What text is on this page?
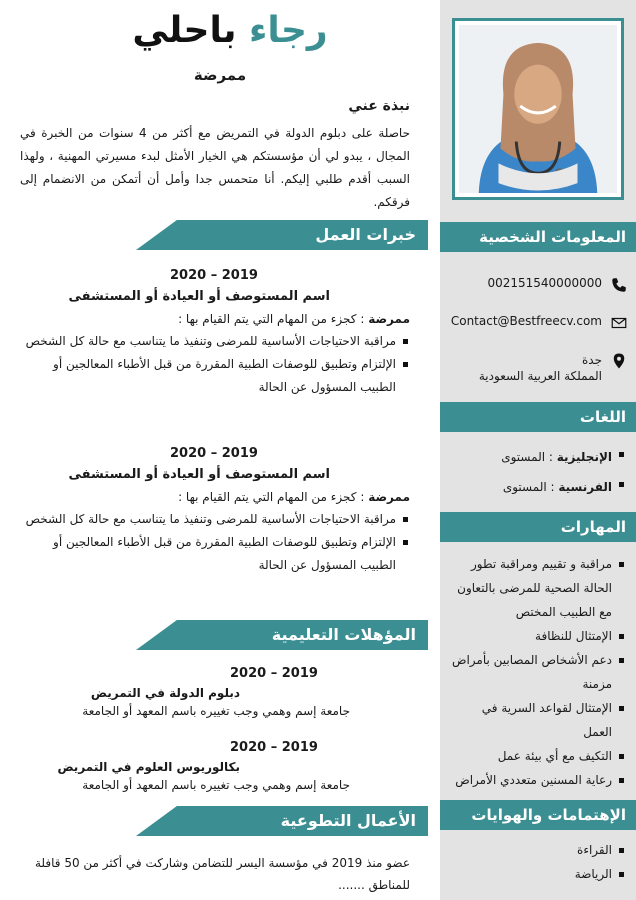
المعلومات الشخصية
002151540000000
Contact@Bestfreecv.com
جدة
المملكة العربية السعودية
اللغات
الإنجليزية : المستوى
الفرنسية : المستوى
المهارات
مراقبة و تقييم ومراقبة تطور الحالة الصحية للمرضى بالتعاون مع الطبيب المختص
الإمتثال للنظافة
دعم الأشخاص المصابين بأمراض مزمنة
الإمتثال لقواعد السرية في العمل
التكيف مع أي بيئة عمل
رعاية المسنين متعددي الأمراض
الإهتمامات والهوايات
القراءة
الرياضة
رجاء باحلي
ممرضة
نبذة عني

حاصلة على دبلوم الدولة في التمريض مع أكثر من 4 سنوات من الخبرة في المجال ، يبدو لي أن مؤسستكم هي الخيار الأمثل لبدء مسيرتي المهنية ، ولهذا السبب أقدم طلبي إليكم. أنا متحمس جدا وأمل أن أتمكن من الانضمام إلى فرقكم.

خبرات العمل
2020 – 2019
اسم المستوصف أو العيادة أو المستشفى
ممرضة : كجزء من المهام التي يتم القيام بها :
مراقبة الاحتياجات الأساسية للمرضى وتنفيذ ما يتناسب مع حالة كل الشخص
الإلتزام وتطبيق للوصفات الطبية المقررة من قبل الأطباء المعالجين أو الطبيب المسؤول عن الحالة
2020 – 2019
اسم المستوصف أو العيادة أو المستشفى
ممرضة : كجزء من المهام التي يتم القيام بها :
مراقبة الاحتياجات الأساسية للمرضى وتنفيذ ما يتناسب مع حالة كل الشخص
الإلتزام وتطبيق للوصفات الطبية المقررة من قبل الأطباء المعالجين أو الطبيب المسؤول عن الحالة
المؤهلات التعليمية
2020 – 2019
دبلوم الدولة في التمريض
جامعة إسم وهمي وجب تغييره باسم المعهد أو الجامعة
2020 – 2019
بكالوريوس العلوم في التمريض
جامعة إسم وهمي وجب تغييره باسم المعهد أو الجامعة
الأعمال التطوعية

عضو منذ 2019 في مؤسسة اليسر للتضامن وشاركت في أكثر من 50 قافلة للمناطق .......
